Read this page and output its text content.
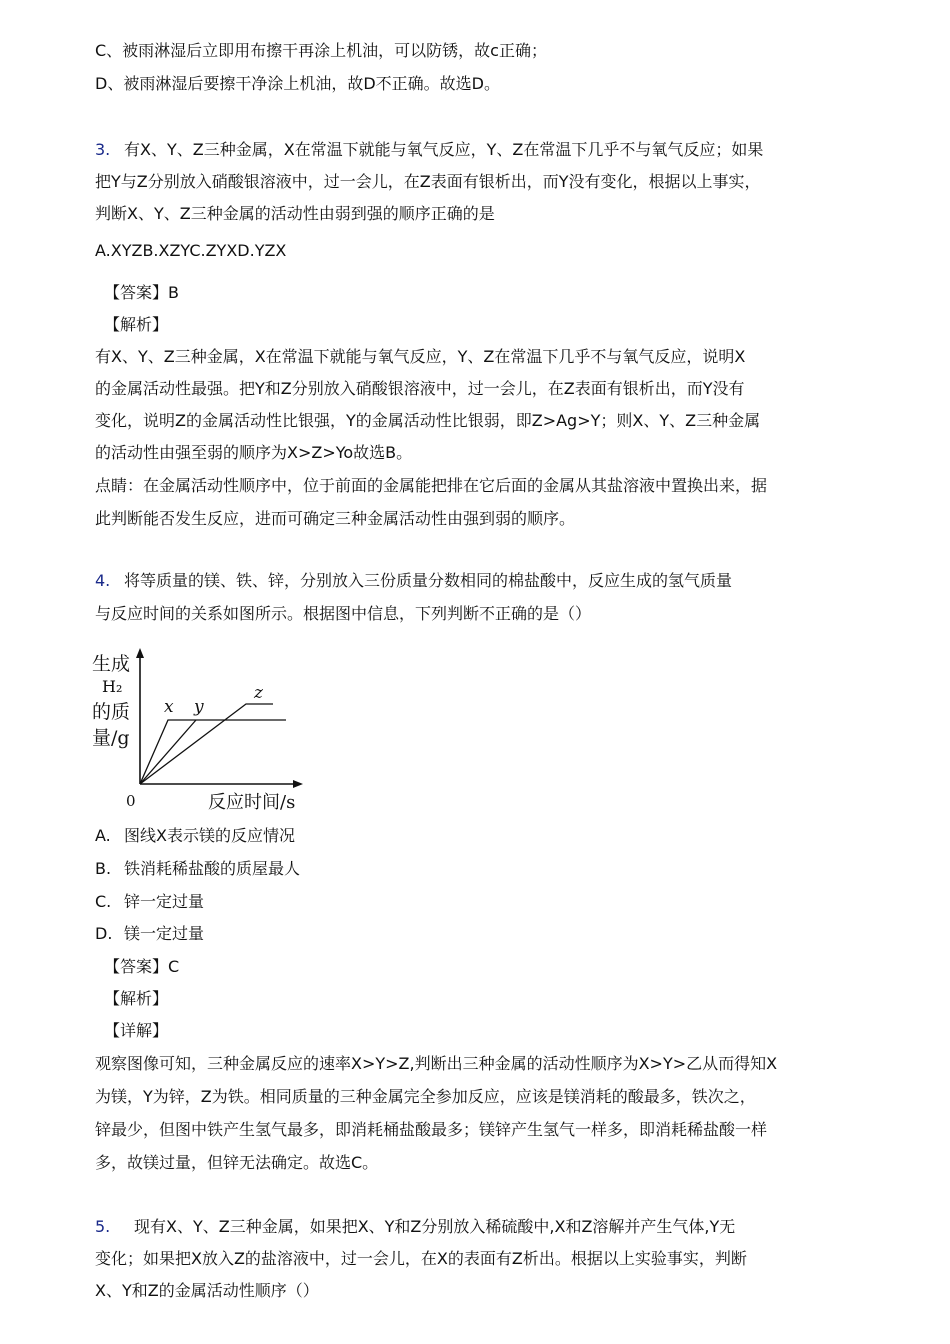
C、被雨淋湿后立即用布擦干再涂上机油，可以防锈，故c正确；
D、被雨淋湿后要擦干净涂上机油，故D不正确。故选D。
3. 有X、Y、Z三种金属，X在常温下就能与氧气反应，Y、Z在常温下几乎不与氧气反应；如果
把Y与Z分别放入硝酸银溶液中，过一会儿，在Z表面有银析出，而Y没有变化，根据以上事实，
判断X、Y、Z三种金属的活动性由弱到强的顺序正确的是
A.XYZB.XZYC.ZYXD.YZX
【答案】B
【解析】
有X、Y、Z三种金属，X在常温下就能与氧气反应，Y、Z在常温下几乎不与氧气反应，说明X
的金属活动性最强。把Y和Z分别放入硝酸银溶液中，过一会儿，在Z表面有银析出，而Y没有
变化，说明Z的金属活动性比银强，Y的金属活动性比银弱，即Z>Ag>Y；则X、Y、Z三种金属
的活动性由强至弱的顺序为X>Z>Yo故选B。
点睛：在金属活动性顺序中，位于前面的金属能把排在它后面的金属从其盐溶液中置换出来，据
此判断能否发生反应，进而可确定三种金属活动性由强到弱的顺序。
4. 将等质量的镁、铁、锌，分别放入三份质量分数相同的棉盐酸中，反应生成的氢气质量
与反应时间的关系如图所示。根据图中信息，下列判断不正确的是（）
生成
H₂
的质
量/g
x y
z
0	反应时间/s
A. 图线X表示镁的反应情况
B. 铁消耗稀盐酸的质屋最人
C. 锌一定过量
D. 镁一定过量
【答案】C
【解析】
【详解】
观察图像可知，三种金属反应的速率X>Y>Z,判断出三种金属的活动性顺序为X>Y>乙从而得知X
为镁，Y为锌，Z为铁。相同质量的三种金属完全参加反应，应该是镁消耗的酸最多，铁次之，
锌最少，但图中铁产生氢气最多，即消耗桶盐酸最多；镁锌产生氢气一样多，即消耗稀盐酸一样
多，故镁过量，但锌无法确定。故选C。
5. 现有X、Y、Z三种金属，如果把X、Y和Z分别放入稀硫酸中,X和Z溶解并产生气体,Y无
变化；如果把X放入Z的盐溶液中，过一会儿，在X的表面有Z析出。根据以上实验事实，判断
X、Y和Z的金属活动性顺序（）
